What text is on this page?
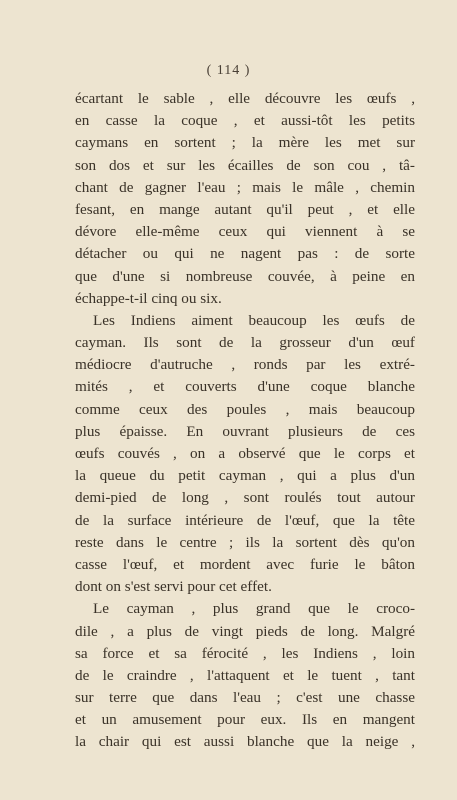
( 114 )
écartant le sable , elle découvre les œufs ,
en casse la coque , et aussi-tôt les petits
caymans en sortent ; la mère les met sur
son dos et sur les écailles de son cou , tâ-
chant de gagner l'eau ; mais le mâle , chemin
fesant, en mange autant qu'il peut , et elle
dévore elle-même ceux qui viennent à se
détacher ou qui ne nagent pas : de sorte
que d'une si nombreuse couvée, à peine en
échappe-t-il cinq ou six.
Les Indiens aiment beaucoup les œufs de
cayman. Ils sont de la grosseur d'un œuf
médiocre d'autruche , ronds par les extré-
mités , et couverts d'une coque blanche
comme ceux des poules , mais beaucoup
plus épaisse. En ouvrant plusieurs de ces
œufs couvés , on a observé que le corps et
la queue du petit cayman , qui a plus d'un
demi-pied de long , sont roulés tout autour
de la surface intérieure de l'œuf, que la tête
reste dans le centre ; ils la sortent dès qu'on
casse l'œuf, et mordent avec furie le bâton
dont on s'est servi pour cet effet.
Le cayman , plus grand que le croco-
dile , a plus de vingt pieds de long. Malgré
sa force et sa férocité , les Indiens , loin
de le craindre , l'attaquent et le tuent , tant
sur terre que dans l'eau ; c'est une chasse
et un amusement pour eux. Ils en mangent
la chair qui est aussi blanche que la neige ,
